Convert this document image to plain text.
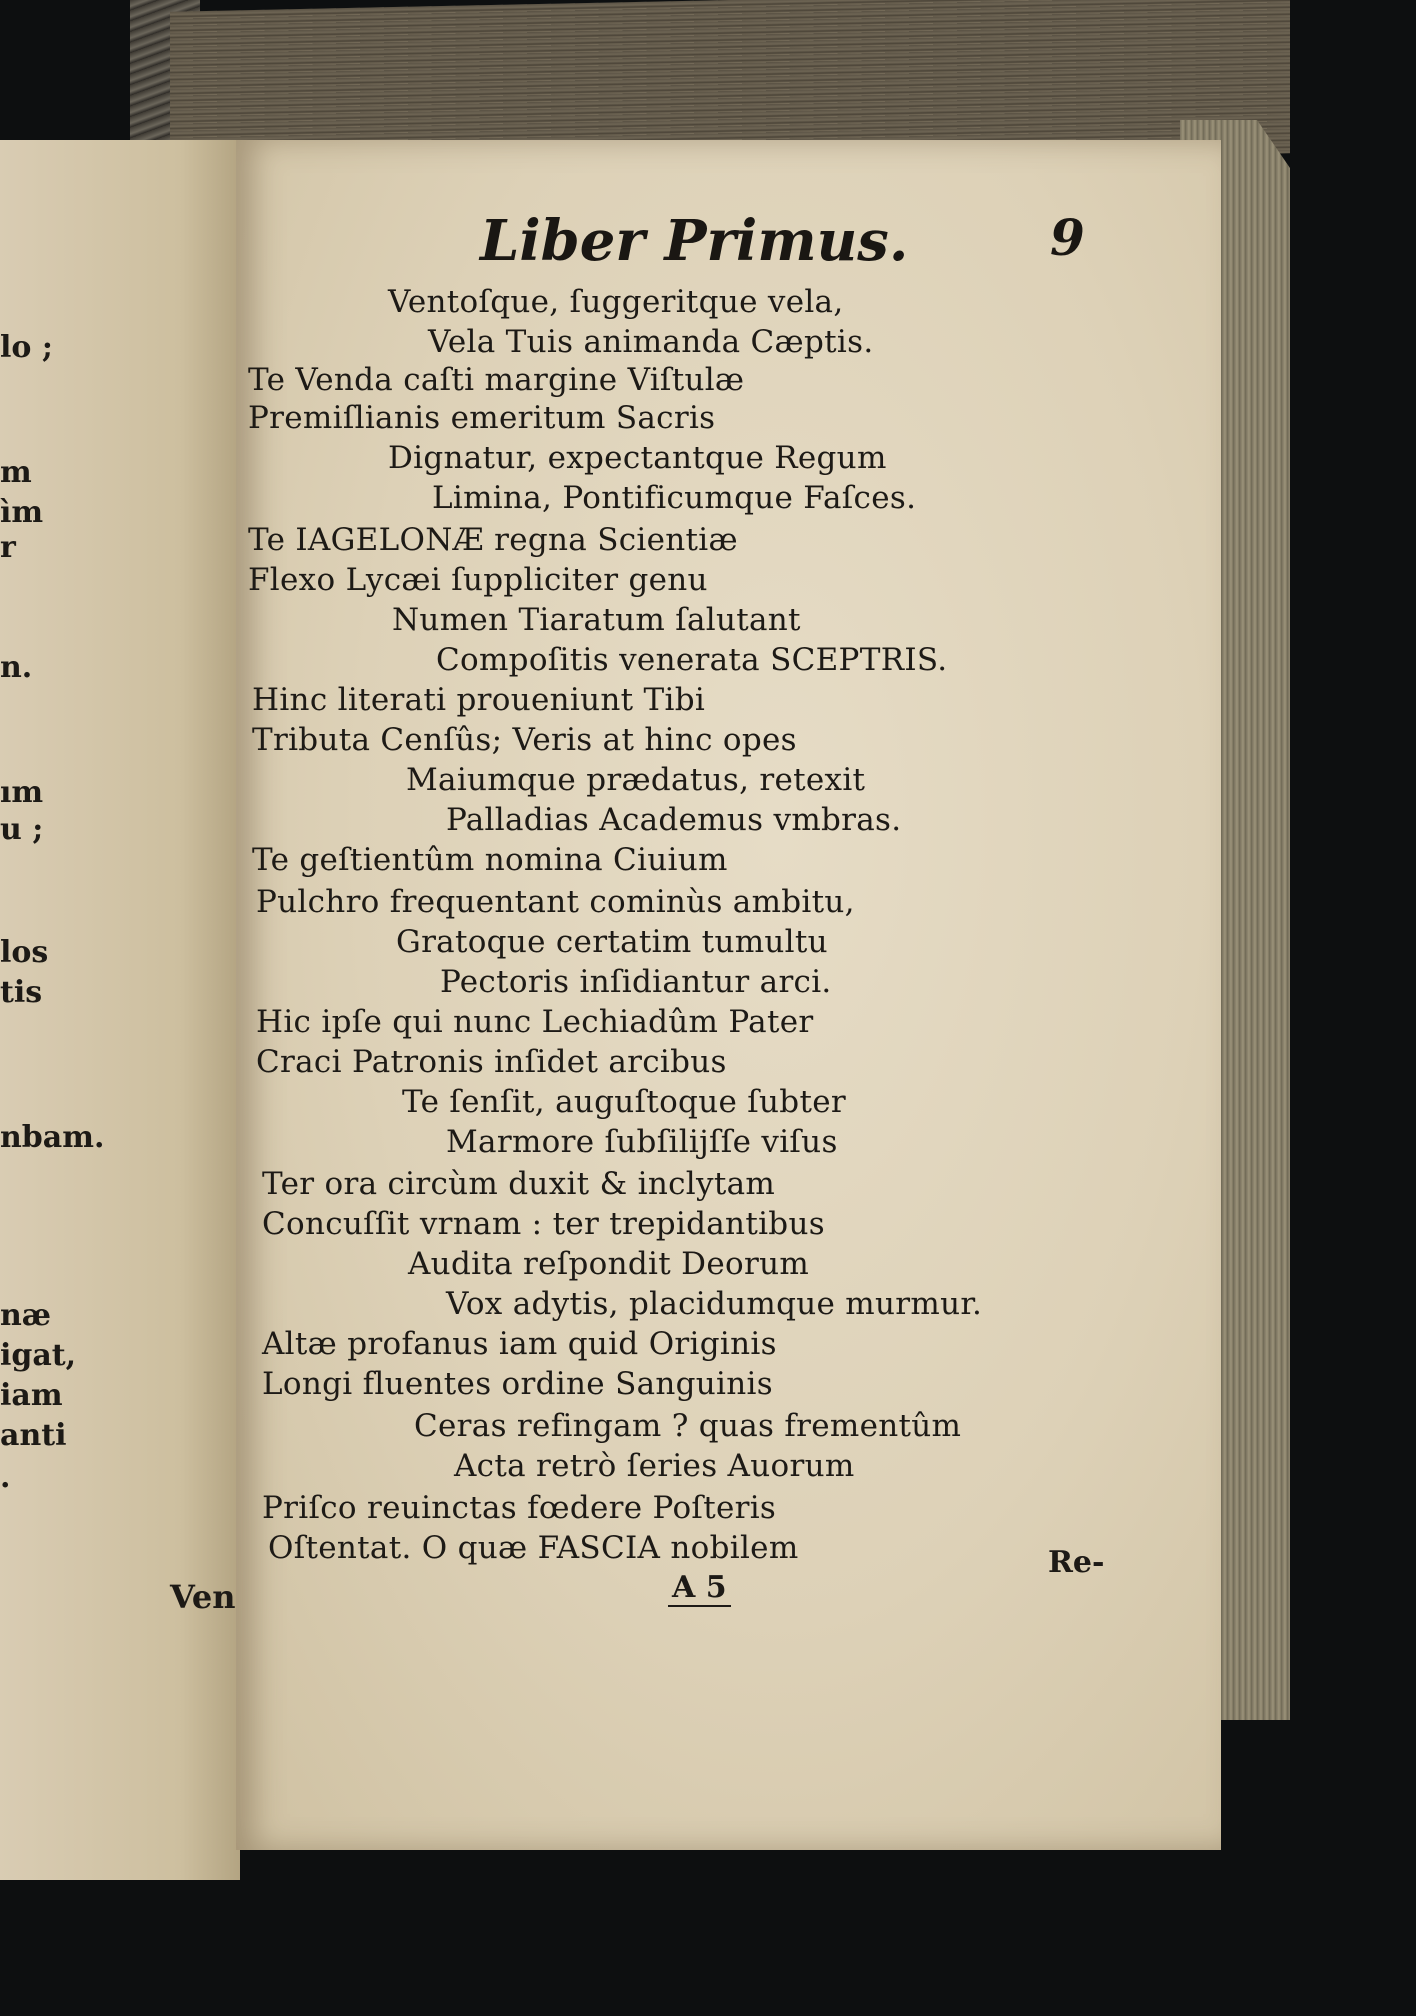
lo ;
m
ìm
r
n.
ım
u ;
los
tis
nbam.
næ
igat,
iam
anti
.
Ven
Liber Primus.	9
Ventoſque, ſuggeritque vela,
Vela Tuis animanda Cæptis.
Te Venda caſti margine Viſtulæ
Premiſlianis emeritum Sacris
Dignatur, expectantque Regum
Limina, Pontificumque Faſces.
Te IAGELONÆ regna Scientiæ
Flexo Lycæi ſuppliciter genu
Numen Tiaratum ſalutant
Compoſitis venerata SCEPTRIS.
Hinc literati proueniunt Tibi
Tributa Cenſûs; Veris at hinc opes
Maiumque prædatus, retexit
Palladias Academus vmbras.
Te geſtientûm nomina Ciuium
Pulchro frequentant cominùs ambitu,
Gratoque certatim tumultu
Pectoris inſidiantur arci.
Hic ipſe qui nunc Lechiadûm Pater
Craci Patronis inſidet arcibus
Te ſenſit, auguſtoque ſubter
Marmore ſubſilijſſe viſus
Ter ora circùm duxit & inclytam
Concuſſit vrnam : ter trepidantibus
Audita reſpondit Deorum
Vox adytis, placidumque murmur.
Altæ profanus iam quid Originis
Longi fluentes ordine Sanguinis
Ceras refingam ? quas frementûm
Acta retrò ſeries Auorum
Priſco reuinctas fœdere Poſteris
Oſtentat. O quæ FASCIA nobilem
A 5
Re-
